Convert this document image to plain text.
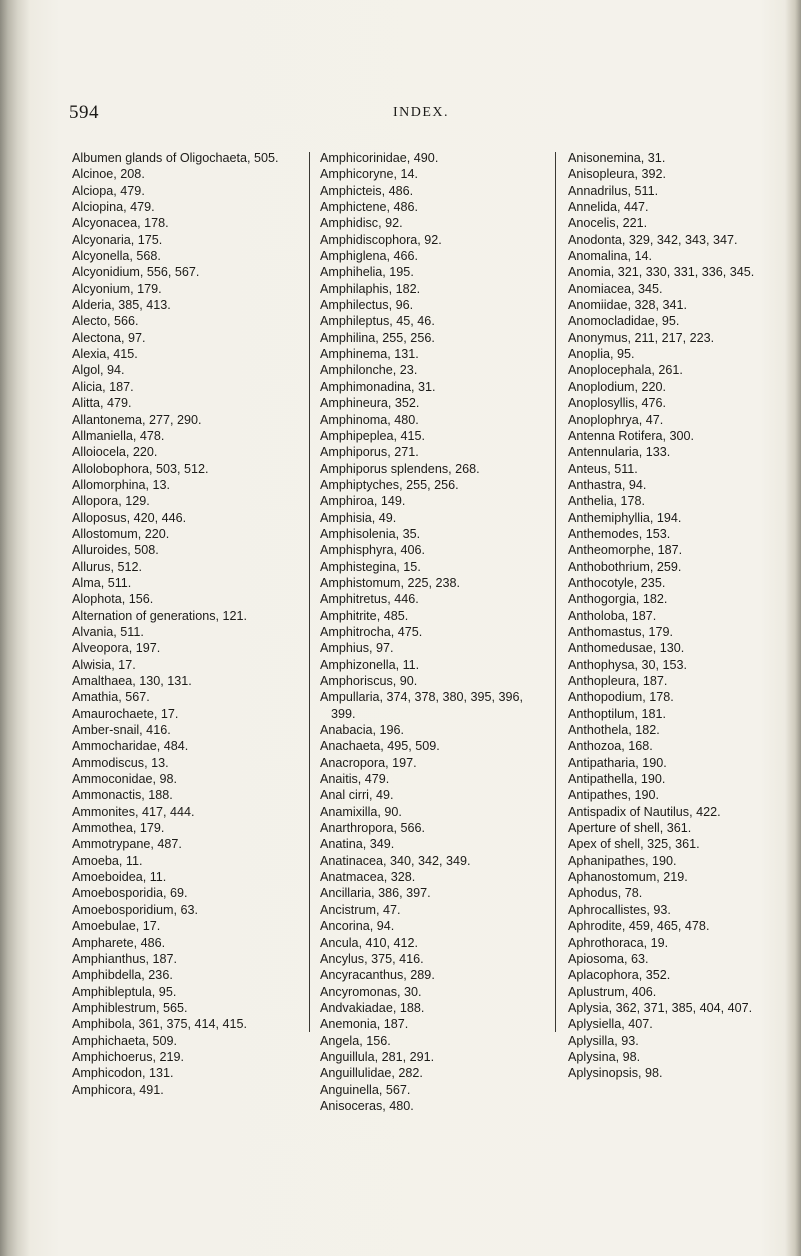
594	INDEX.
Albumen glands of Oligochaeta, 505.
Alcinoe, 208.
Alciopa, 479.
Alciopina, 479.
Alcyonacea, 178.
Alcyonaria, 175.
Alcyonella, 568.
Alcyonidium, 556, 567.
Alcyonium, 179.
Alderia, 385, 413.
Alecto, 566.
Alectona, 97.
Alexia, 415.
Algol, 94.
Alicia, 187.
Alitta, 479.
Allantonema, 277, 290.
Allmaniella, 478.
Alloiocela, 220.
Allolobophora, 503, 512.
Allomorphina, 13.
Allopora, 129.
Alloposus, 420, 446.
Allostomum, 220.
Alluroides, 508.
Allurus, 512.
Alma, 511.
Alophota, 156.
Alternation of generations, 121.
Alvania, 511.
Alveopora, 197.
Alwisia, 17.
Amalthaea, 130, 131.
Amathia, 567.
Amaurochaete, 17.
Amber-snail, 416.
Ammocharidae, 484.
Ammodiscus, 13.
Ammoconidae, 98.
Ammonactis, 188.
Ammonites, 417, 444.
Ammothea, 179.
Ammotrypane, 487.
Amoeba, 11.
Amoeboidea, 11.
Amoebosporidia, 69.
Amoebosporidium, 63.
Amoebulae, 17.
Ampharete, 486.
Amphianthus, 187.
Amphibdella, 236.
Amphibleptula, 95.
Amphiblestrum, 565.
Amphibola, 361, 375, 414, 415.
Amphichaeta, 509.
Amphichoerus, 219.
Amphicodon, 131.
Amphicora, 491.
Amphicorinidae, 490.
Amphicoryne, 14.
Amphicteis, 486.
Amphictene, 486.
Amphidisc, 92.
Amphidiscophora, 92.
Amphiglena, 466.
Amphihelia, 195.
Amphilaphis, 182.
Amphilectus, 96.
Amphileptus, 45, 46.
Amphilina, 255, 256.
Amphinema, 131.
Amphilonche, 23.
Amphimonadina, 31.
Amphineura, 352.
Amphinoma, 480.
Amphipeplea, 415.
Amphiporus, 271.
Amphiporus splendens, 268.
Amphiptyches, 255, 256.
Amphiroa, 149.
Amphisia, 49.
Amphisolenia, 35.
Amphisphyra, 406.
Amphistegina, 15.
Amphistomum, 225, 238.
Amphitretus, 446.
Amphitrite, 485.
Amphitrocha, 475.
Amphius, 97.
Amphizonella, 11.
Amphoriscus, 90.
Ampullaria, 374, 378, 380, 395, 396, 399.
Anabacia, 196.
Anachaeta, 495, 509.
Anacropora, 197.
Anaitis, 479.
Anal cirri, 49.
Anamixilla, 90.
Anarthropora, 566.
Anatina, 349.
Anatinacea, 340, 342, 349.
Anatmacea, 328.
Ancillaria, 386, 397.
Ancistrum, 47.
Ancorina, 94.
Ancula, 410, 412.
Ancylus, 375, 416.
Ancyracanthus, 289.
Ancyromonas, 30.
Andvakiadae, 188.
Anemonia, 187.
Angela, 156.
Anguillula, 281, 291.
Anguillulidae, 282.
Anguinella, 567.
Anisoceras, 480.
Anisonemina, 31.
Anisopleura, 392.
Annadrilus, 511.
Annelida, 447.
Anocelis, 221.
Anodonta, 329, 342, 343, 347.
Anomalina, 14.
Anomia, 321, 330, 331, 336, 345.
Anomiacea, 345.
Anomiidae, 328, 341.
Anomocladidae, 95.
Anonymus, 211, 217, 223.
Anoplia, 95.
Anoplocephala, 261.
Anoplodium, 220.
Anoplosyllis, 476.
Anoplophrya, 47.
Antenna Rotifera, 300.
Antennularia, 133.
Anteus, 511.
Anthastra, 94.
Anthelia, 178.
Anthemiphyllia, 194.
Anthemodes, 153.
Antheomorphe, 187.
Anthobothrium, 259.
Anthocotyle, 235.
Anthogorgia, 182.
Antholoba, 187.
Anthomastus, 179.
Anthomedusae, 130.
Anthophysa, 30, 153.
Anthopleura, 187.
Anthopodium, 178.
Anthoptilum, 181.
Anthothela, 182.
Anthozoa, 168.
Antipatharia, 190.
Antipathella, 190.
Antipathes, 190.
Antispadix of Nautilus, 422.
Aperture of shell, 361.
Apex of shell, 325, 361.
Aphanipathes, 190.
Aphanostomum, 219.
Aphodus, 78.
Aphrocallistes, 93.
Aphrodite, 459, 465, 478.
Aphrothoraca, 19.
Apiosoma, 63.
Aplacophora, 352.
Aplustrum, 406.
Aplysia, 362, 371, 385, 404, 407.
Aplysiella, 407.
Aplysilla, 93.
Aplysina, 98.
Aplysinopsis, 98.
